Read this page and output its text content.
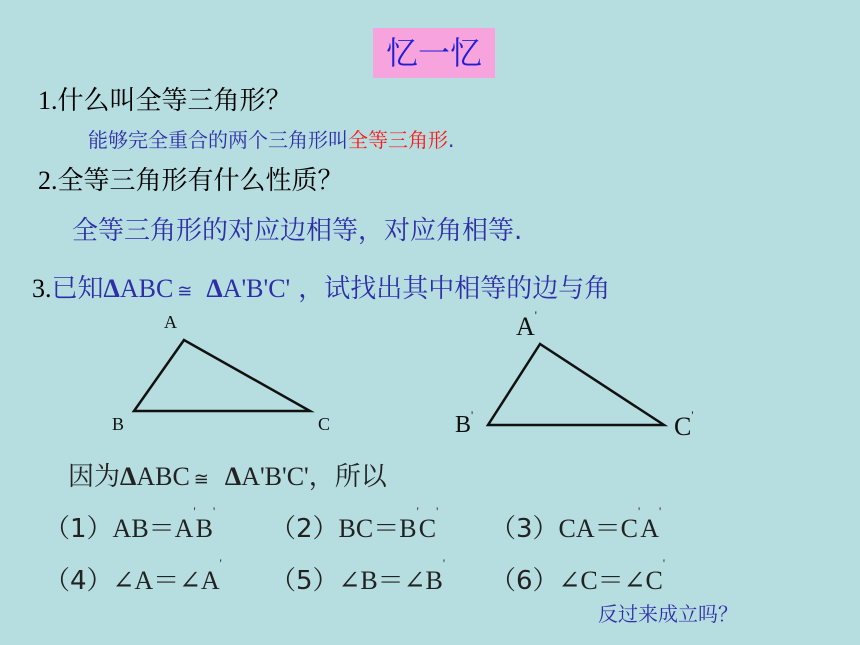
忆一忆
1.什么叫全等三角形？
能够完全重合的两个三角形叫全等三角形.
2.全等三角形有什么性质？
全等三角形的对应边相等，对应角相等.
3.已知ΔABC ≅ ΔA'B'C' ，试找出其中相等的边与角
A
B	C
A'
B'	C'
因为ΔABC ≅ ΔA'B'C'，所以
（1）AB＝A'B'
（2）BC＝B'C'
（3）CA＝C'A'
（4）∠A＝∠A'
（5）∠B＝∠B'
（6）∠C＝∠C'
反过来成立吗？
